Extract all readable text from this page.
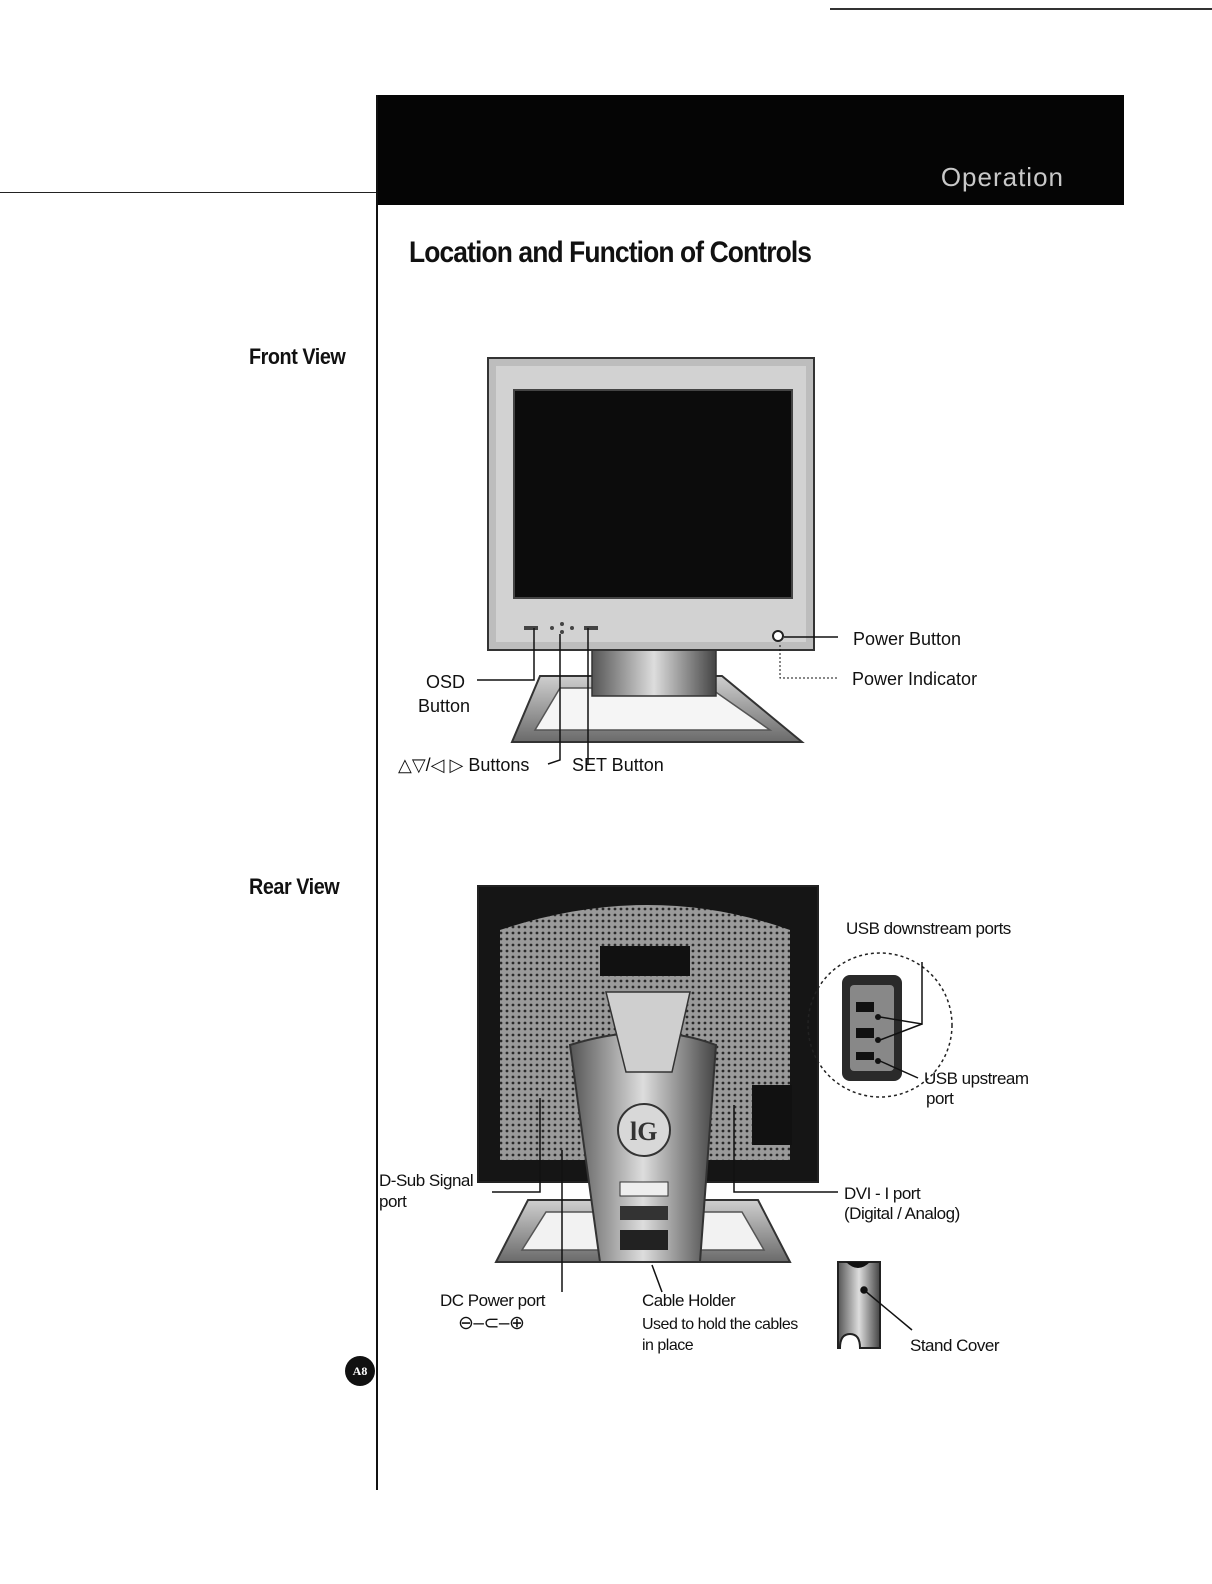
Operation
Location and Function of Controls
Front View
Rear View
lG
Power Button
Power Indicator
OSD
Button
△▽/◁ ▷ Buttons SET Button
USB downstream ports
USB upstream
port
D-Sub Signal
port	DVI - I port
(Digital / Analog)
DC Power port
⊖–⊂–⊕
Cable Holder
Used to hold the cables
in place	Stand Cover
A8
